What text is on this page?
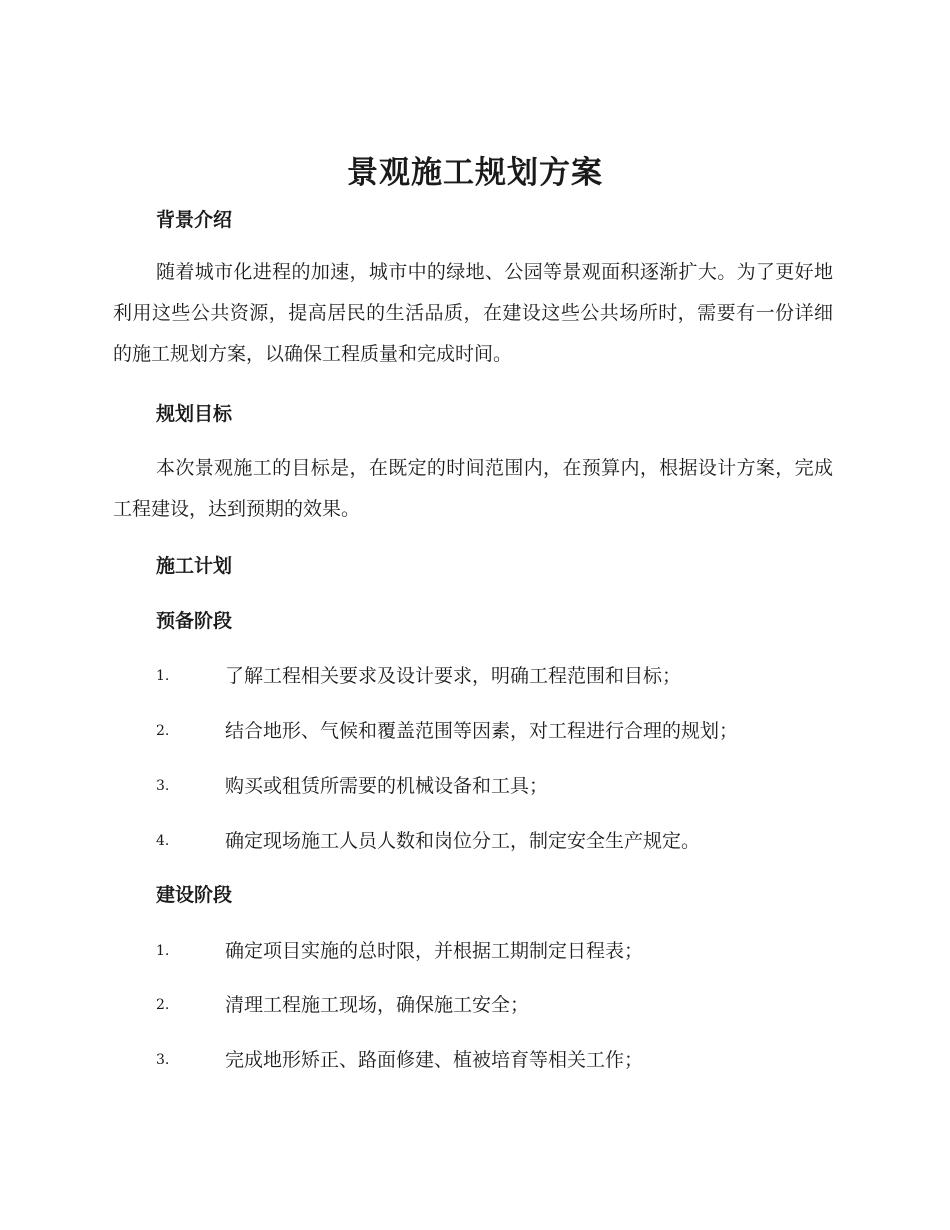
景观施工规划方案
背景介绍
随着城市化进程的加速，城市中的绿地、公园等景观面积逐渐扩大。为了更好地利用这些公共资源，提高居民的生活品质，在建设这些公共场所时，需要有一份详细的施工规划方案，以确保工程质量和完成时间。
规划目标
本次景观施工的目标是，在既定的时间范围内，在预算内，根据设计方案，完成工程建设，达到预期的效果。
施工计划
预备阶段
1.	了解工程相关要求及设计要求，明确工程范围和目标；
2.	结合地形、气候和覆盖范围等因素，对工程进行合理的规划；
3.	购买或租赁所需要的机械设备和工具；
4.	确定现场施工人员人数和岗位分工，制定安全生产规定。
建设阶段
1.	确定项目实施的总时限，并根据工期制定日程表；
2.	清理工程施工现场，确保施工安全；
3.	完成地形矫正、路面修建、植被培育等相关工作；
